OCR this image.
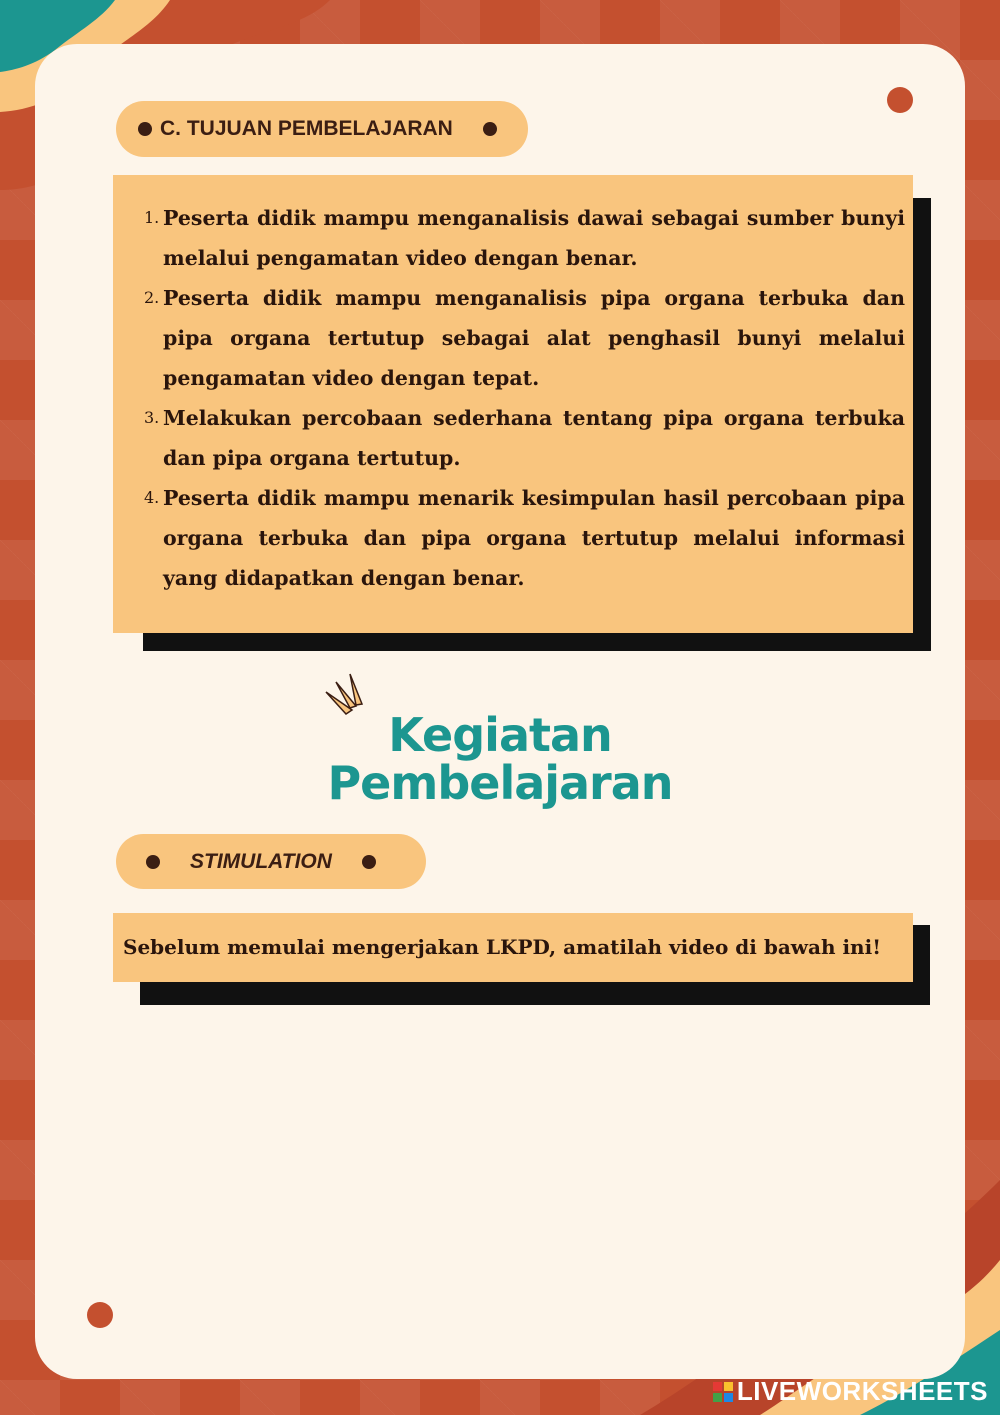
C. TUJUAN PEMBELAJARAN
1. Peserta didik mampu menganalisis dawai sebagai sumber bunyi melalui pengamatan video dengan benar.
2. Peserta didik mampu menganalisis pipa organa terbuka dan pipa organa tertutup sebagai alat penghasil bunyi melalui pengamatan video dengan tepat.
3. Melakukan percobaan sederhana tentang pipa organa terbuka dan pipa organa tertutup.
4. Peserta didik mampu menarik kesimpulan hasil percobaan pipa organa terbuka dan pipa organa tertutup melalui informasi yang didapatkan dengan benar.
Kegiatan
Pembelajaran
STIMULATION
Sebelum memulai mengerjakan LKPD, amatilah video di bawah ini!
LIVEWORKSHEETS
